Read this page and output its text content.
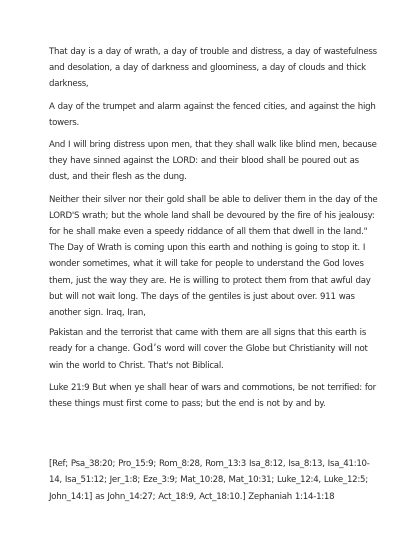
That day is a day of wrath, a day of trouble and distress, a day of wastefulness and desolation, a day of darkness and gloominess, a day of clouds and thick darkness,

A day of the trumpet and alarm against the fenced cities, and against the high towers.

And I will bring distress upon men, that they shall walk like blind men, because they have sinned against the LORD: and their blood shall be poured out as dust, and their flesh as the dung.

Neither their silver nor their gold shall be able to deliver them in the day of the LORD'S wrath; but the whole land shall be devoured by the fire of his jealousy: for he shall make even a speedy riddance of all them that dwell in the land." The Day of Wrath is coming upon this earth and nothing is going to stop it. I wonder sometimes, what it will take for people to understand the God loves them, just the way they are. He is willing to protect them from that awful day but will not wait long. The days of the gentiles is just about over. 911 was another sign. Iraq, Iran,

Pakistan and the terrorist that came with them are all signs that this earth is ready for a change. God’s word will cover the Globe but Christianity will not win the world to Christ. That's not Biblical.

Luke 21:9 But when ye shall hear of wars and commotions, be not terrified: for these things must first come to pass; but the end is not by and by.

[Ref; Psa_38:20; Pro_15:9; Rom_8:28, Rom_13:3 Isa_8:12, Isa_8:13, Isa_41:10-14, Isa_51:12; Jer_1:8; Eze_3:9; Mat_10:28, Mat_10:31; Luke_12:4, Luke_12:5; John_14:1] as John_14:27; Act_18:9, Act_18:10.] Zephaniah 1:14-1:18
